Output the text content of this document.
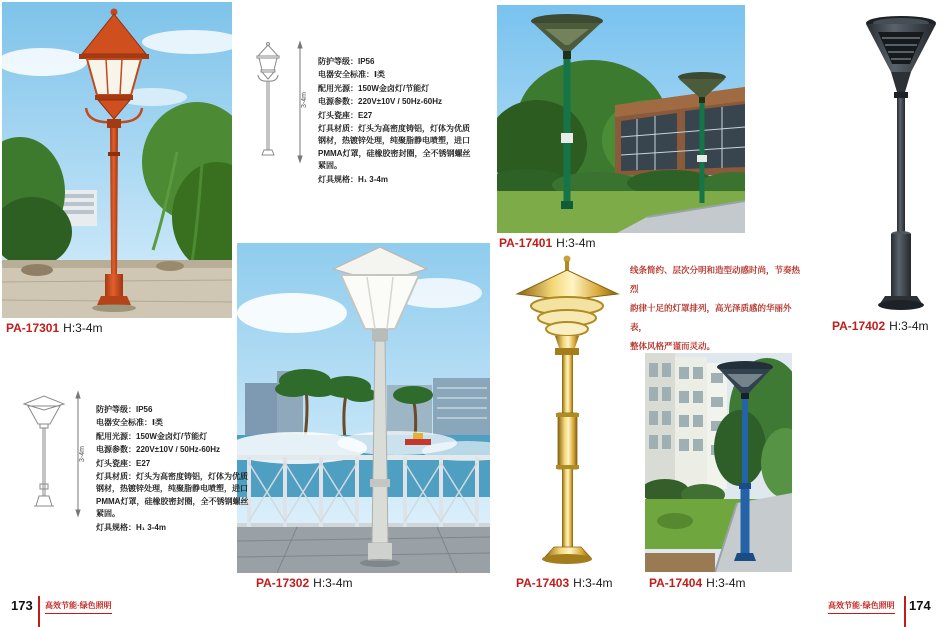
PA-17301 H:3-4m
3-4m
防护等级：IP56
电器安全标准：Ⅰ类
配用光源：150W金卤灯/节能灯
电源参数：220V±10V / 50Hz-60Hz
灯头瓷座：E27
灯具材质：灯头为高密度铸铝，灯体为优质钢材，热镀锌处理，纯聚脂静电喷塑，进口PMMA灯罩，硅橡胶密封圈，全不锈钢螺丝紧固。
灯具规格：H₁ 3-4m
PA-17401 H:3-4m
PA-17402 H:3-4m
线条简约、层次分明和造型动感时尚，节奏热烈
韵律十足的灯罩排列，高光泽质感的华丽外表，
整体风格严谨而灵动。
PA-17302 H:3-4m
3-4m
防护等级：IP56
电器安全标准：Ⅰ类
配用光源：150W金卤灯/节能灯
电源参数：220V±10V / 50Hz-60Hz
灯头瓷座：E27
灯具材质：灯头为高密度铸铝，灯体为优质钢材，热镀锌处理，纯聚脂静电喷塑，进口PMMA灯罩，硅橡胶密封圈，全不锈钢螺丝紧固。
灯具规格：H₁ 3-4m
PA-17403 H:3-4m	PA-17404 H:3-4m
173 高效节能·绿色照明	高效节能·绿色照明 174
